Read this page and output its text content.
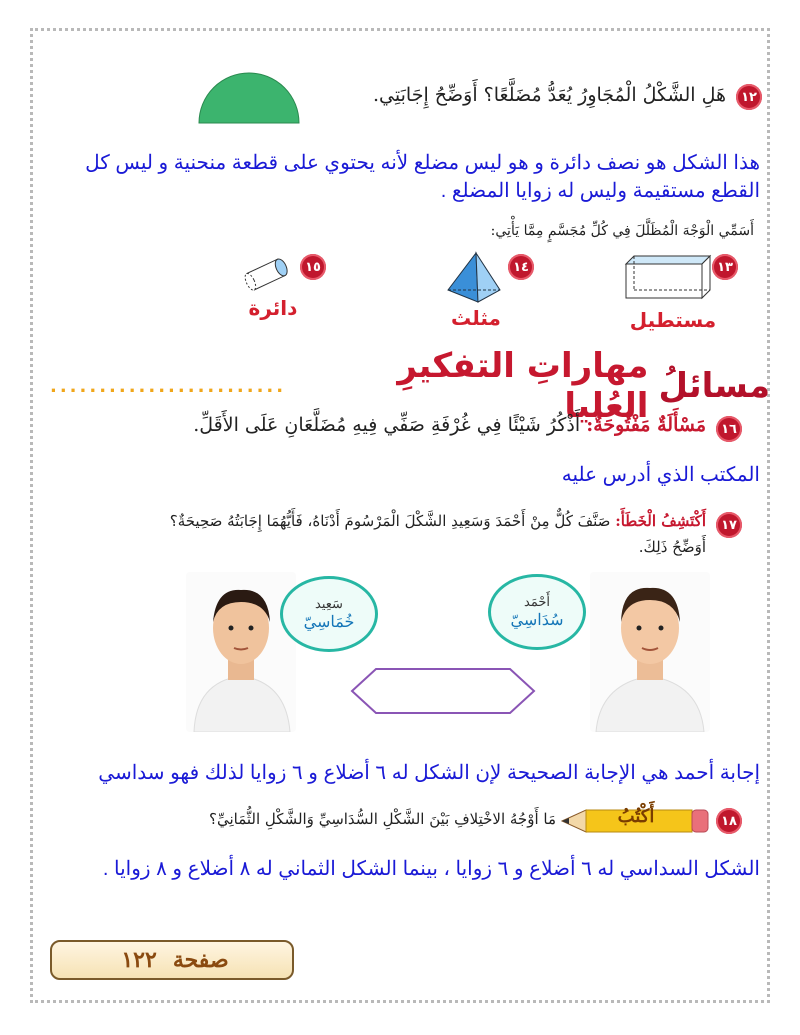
١٢
هَلِ الشَّكْلُ الْمُجَاوِرُ يُعَدُّ مُضَلَّعًا؟ أَوَضِّحُ إِجَابَتِي.
هذا الشكل هو نصف دائرة و هو ليس مضلع لأنه يحتوي على قطعة منحنية و ليس كل
القطع مستقيمة وليس له زوايا المضلع .
أَسَمِّي الْوَجْهَ الْمُظَلَّلَ فِي كُلِّ مُجَسَّمٍ مِمَّا يَأْتِي:
١٣
مستطيل
١٤
مثلث
١٥
دائرة
مسائلُ
مهاراتِ التفكيرِ العُليا
........................
١٦
مَسْأَلَةٌ مَفْتُوحَةٌ: أَذْكُرُ شَيْئًا فِي غُرْفَةِ صَفِّي فِيهِ مُضَلَّعَانِ عَلَى الأَقَلِّ.
المكتب الذي أدرس عليه
١٧
أَكْتَشِفُ الْخَطَأَ: صَنَّفَ كُلٌّ مِنْ أَحْمَدَ وَسَعِيدِ الشَّكْلَ الْمَرْسُومَ أَدْنَاهُ، فَأَيُّهُمَا إِجَابَتُهُ صَحِيحَةٌ؟
أَوَضِّحُ ذَلِكَ.
سَعِيد
خُمَاسِيّ
أَحْمَد
سُدَاسِيّ
إجابة أحمد هي الإجابة الصحيحة لإن الشكل له ٦ أضلاع و ٦ زوايا لذلك فهو سداسي
١٨
أَكْتُبُ
مَا أَوْجُهُ الاخْتِلافِ بَيْنَ الشَّكْلِ السُّدَاسِيِّ وَالشَّكْلِ الثُّمَانِيِّ؟
الشكل السداسي له ٦ أضلاع و ٦ زوايا ، بينما الشكل الثماني له ٨ أضلاع و ٨ زوايا .
١٢٢ صفحة
